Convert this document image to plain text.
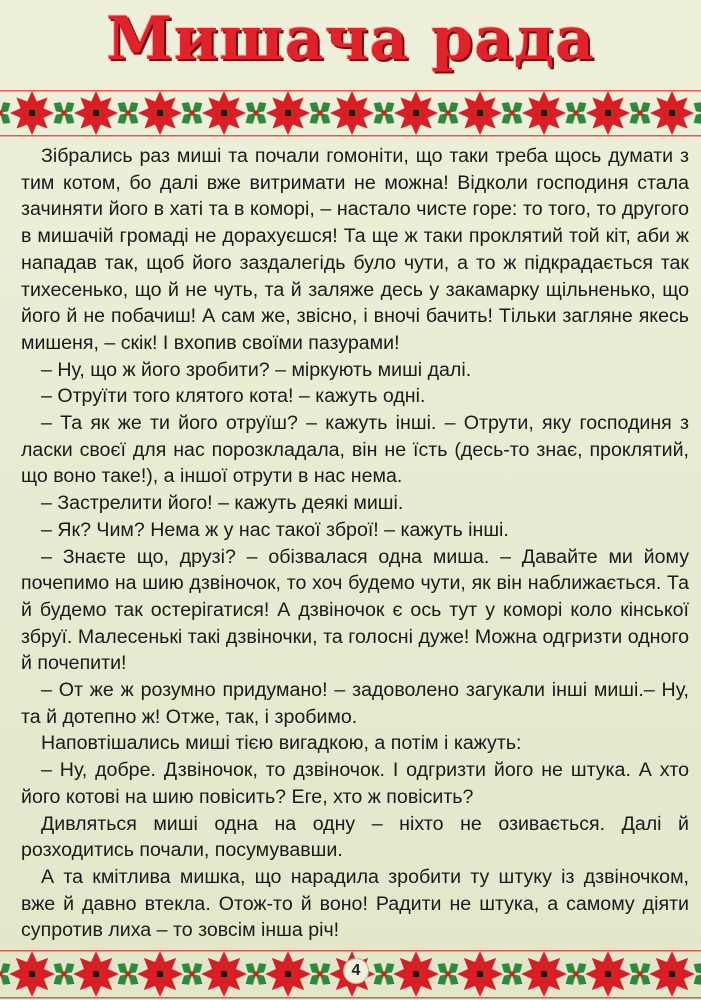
Мишача рада

Зібрались раз миші та почали гомоніти, що таки треба щось думати з тим котом, бо далі вже витримати не можна! Відколи господиня стала зачиняти його в хаті та в коморі, – настало чисте горе: то того, то другого в мишачій громаді не дорахуєшся! Та ще ж таки проклятий той кіт, аби ж нападав так, щоб його заздалегідь було чути, а то ж підкрадається так тихесенько, що й не чуть, та й заляже десь у закамарку щільненько, що його й не побачиш! А сам же, звісно, і вночі бачить! Тільки загляне якесь мишеня, – скік! І вхопив своїми пазурами!

– Ну, що ж його зробити? – міркують миші далі.

– Отруїти того клятого кота! – кажуть одні.

– Та як же ти його отруїш? – кажуть інші. – Отрути, яку господиня з ласки своєї для нас порозкладала, він не їсть (десь-то знає, проклятий, що воно таке!), а іншої отрути в нас нема.

– Застрелити його! – кажуть деякі миші.

– Як? Чим? Нема ж у нас такої зброї! – кажуть інші.

– Знаєте що, друзі? – обізвалася одна миша. – Давайте ми йому почепимо на шию дзвіночок, то хоч будемо чути, як він наближається. Та й будемо так остерігатися! А дзвіночок є ось тут у коморі коло кінської збруї. Малесенькі такі дзвіночки, та голосні дуже! Можна одгризти одного й почепити!

– От же ж розумно придумано! – задоволено загукали інші миші.– Ну, та й дотепно ж! Отже, так, і зробимо.

Наповтішались миші тією вигадкою, а потім і кажуть:

– Ну, добре. Дзвіночок, то дзвіночок. І одгризти його не штука. А хто його котові на шию повісить? Еге, хто ж повісить?

Дивляться миші одна на одну – ніхто не озивається. Далі й розходитись почали, посумувавши.

А та кмітлива мишка, що нарадила зробити ту штуку із дзвіночком, вже й давно втекла. Отож-то й воно! Радити не штука, а самому діяти супротив лиха – то зовсім інша річ!

4
